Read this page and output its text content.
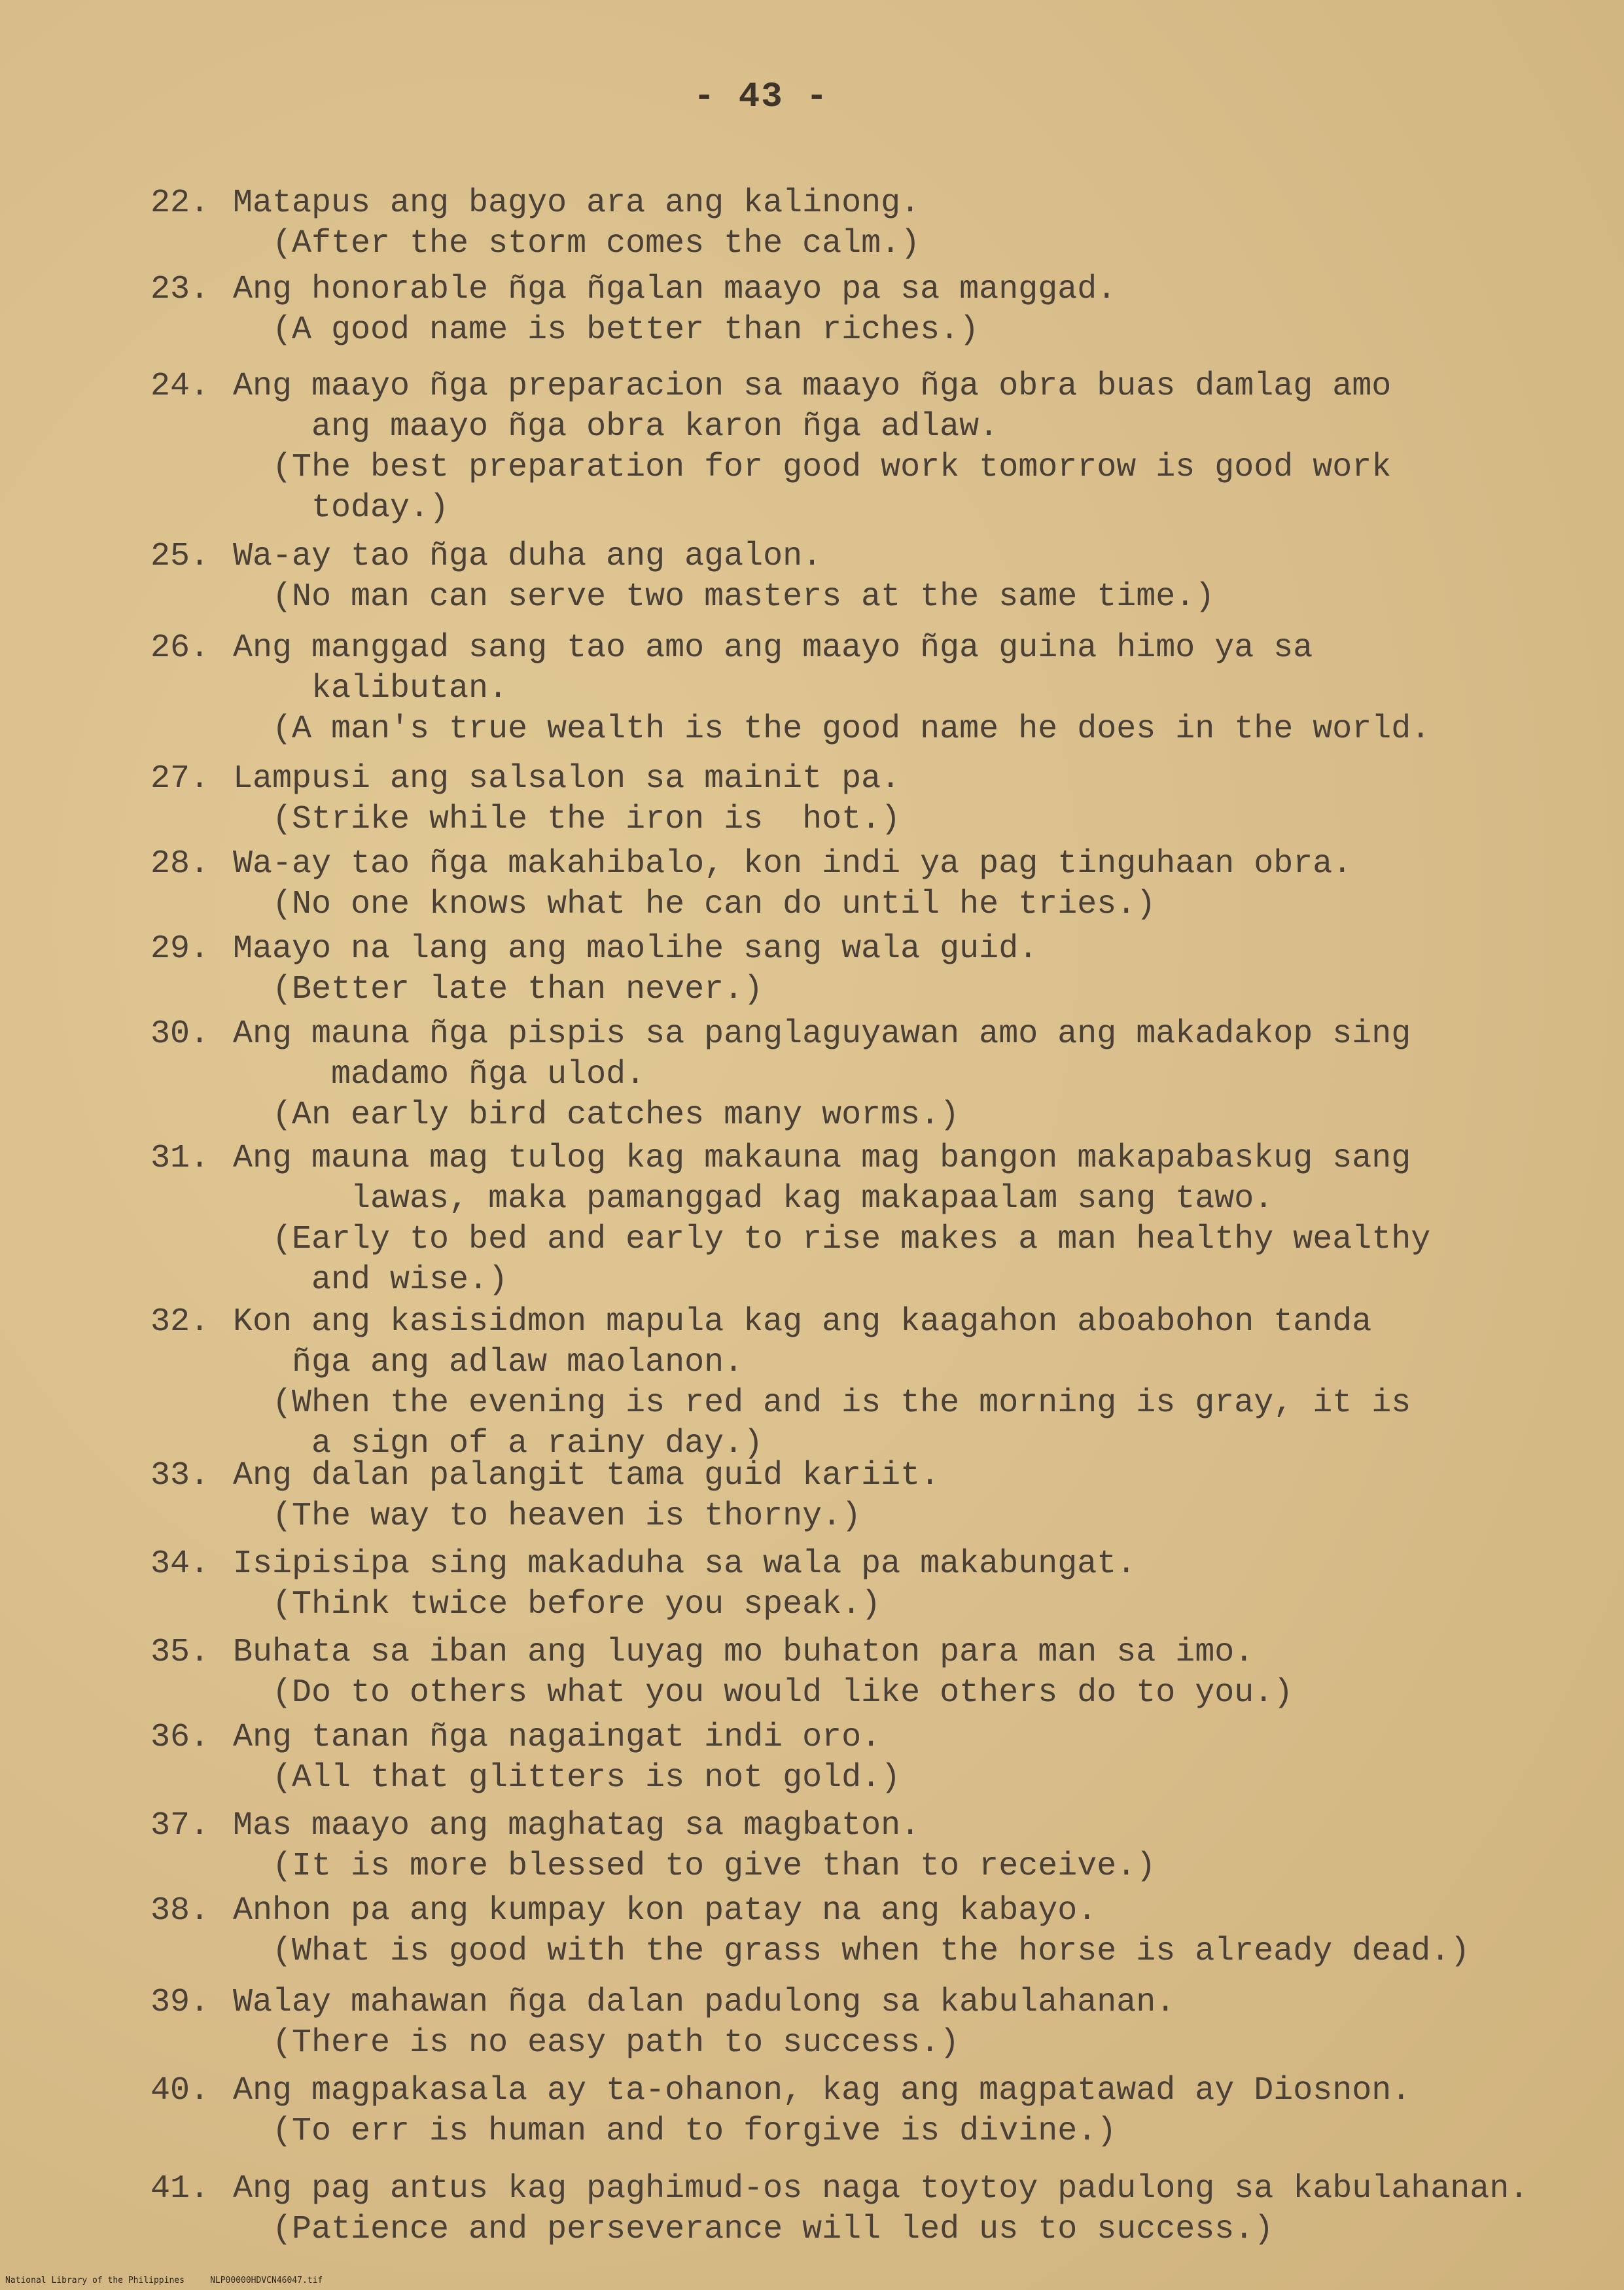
- 43 -
22. Matapus ang bagyo ara ang kalinong.
(After the storm comes the calm.)
23. Ang honorable ñga ñgalan maayo pa sa manggad.
(A good name is better than riches.)
24. Ang maayo ñga preparacion sa maayo ñga obra buas damlag amo
ang maayo ñga obra karon ñga adlaw.
(The best preparation for good work tomorrow is good work
today.)
25. Wa-ay tao ñga duha ang agalon.
(No man can serve two masters at the same time.)
26. Ang manggad sang tao amo ang maayo ñga guina himo ya sa
kalibutan.
(A man's true wealth is the good name he does in the world.
27. Lampusi ang salsalon sa mainit pa.
(Strike while the iron is  hot.)
28. Wa-ay tao ñga makahibalo, kon indi ya pag tinguhaan obra.
(No one knows what he can do until he tries.)
29. Maayo na lang ang maolihe sang wala guid.
(Better late than never.)
30. Ang mauna ñga pispis sa panglaguyawan amo ang makadakop sing
madamo ñga ulod.
(An early bird catches many worms.)
31. Ang mauna mag tulog kag makauna mag bangon makapabaskug sang
lawas, maka pamanggad kag makapaalam sang tawo.
(Early to bed and early to rise makes a man healthy wealthy
and wise.)
32. Kon ang kasisidmon mapula kag ang kaagahon aboabohon tanda
ñga ang adlaw maolanon.
(When the evening is red and is the morning is gray, it is
a sign of a rainy day.)
33. Ang dalan palangit tama guid kariit.
(The way to heaven is thorny.)
34. Isipisipa sing makaduha sa wala pa makabungat.
(Think twice before you speak.)
35. Buhata sa iban ang luyag mo buhaton para man sa imo.
(Do to others what you would like others do to you.)
36. Ang tanan ñga nagaingat indi oro.
(All that glitters is not gold.)
37. Mas maayo ang maghatag sa magbaton.
(It is more blessed to give than to receive.)
38. Anhon pa ang kumpay kon patay na ang kabayo.
(What is good with the grass when the horse is already dead.)
39. Walay mahawan ñga dalan padulong sa kabulahanan.
(There is no easy path to success.)
40. Ang magpakasala ay ta-ohanon, kag ang magpatawad ay Diosnon.
(To err is human and to forgive is divine.)
41. Ang pag antus kag paghimud-os naga toytoy padulong sa kabulahanan.
(Patience and perseverance will led us to success.)
National Library of the Philippines     NLP00000HDVCN46047.tif
